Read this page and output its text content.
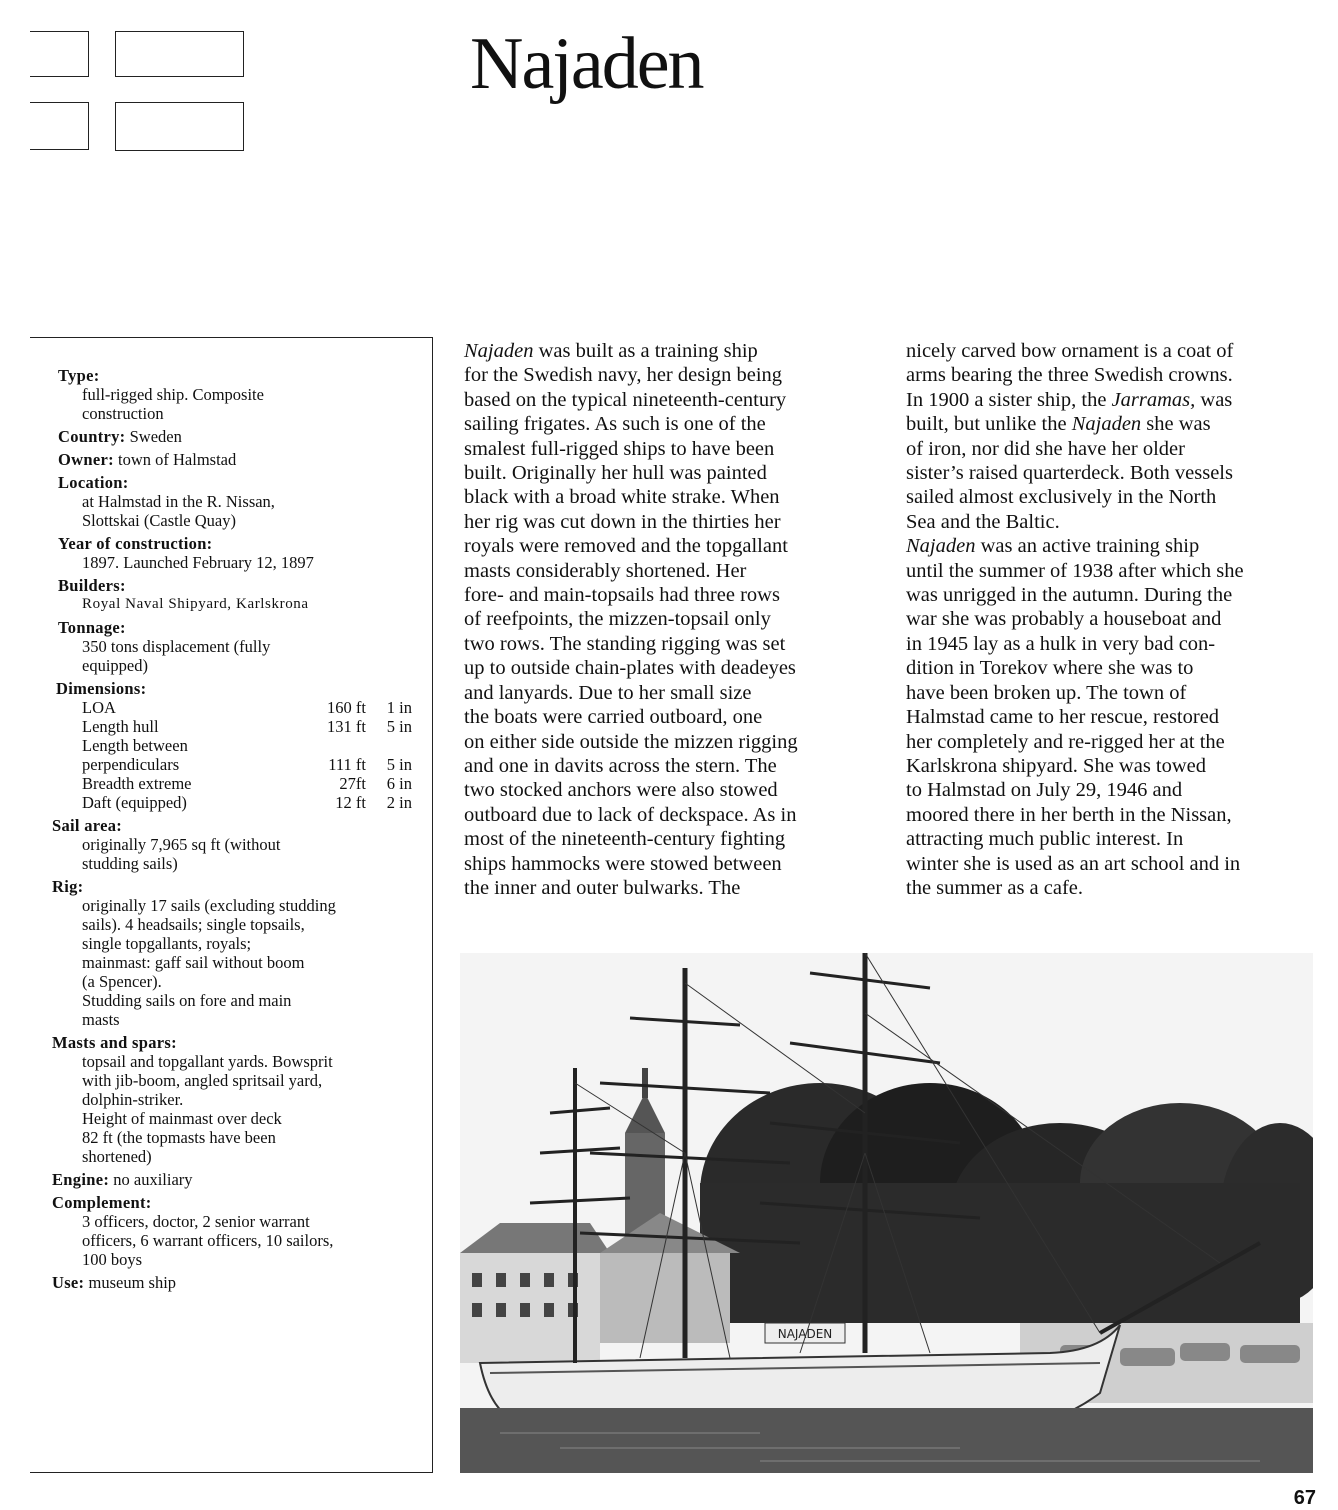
Najaden
Type:
full-rigged ship. Composite
construction
Country: Sweden
Owner: town of Halmstad
Location:
at Halmstad in the R. Nissan,
Slottskai (Castle Quay)
Year of construction:
1897. Launched February 12, 1897
Builders:
Royal Naval Shipyard, Karlskrona
Tonnage:
350 tons displacement (fully
equipped)
Dimensions:
LOA	160 ft	1 in
Length hull	131 ft	5 in
Length between
perpendiculars	111 ft	5 in
Breadth extreme	27ft	6 in
Daft (equipped)	12 ft	2 in
Sail area:
originally 7,965 sq ft (without
studding sails)
Rig:
originally 17 sails (excluding studding
sails). 4 headsails; single topsails,
single topgallants, royals;
mainmast: gaff sail without boom
(a Spencer).
Studding sails on fore and main
masts
Masts and spars:
topsail and topgallant yards. Bowsprit
with jib-boom, angled spritsail yard,
dolphin-striker.
Height of mainmast over deck
82 ft (the topmasts have been
shortened)
Engine: no auxiliary
Complement:
3 officers, doctor, 2 senior warrant
officers, 6 warrant officers, 10 sailors,
100 boys
Use: museum ship
Najaden was built as a training ship
for the Swedish navy, her design being
based on the typical nineteenth-century
sailing frigates. As such is one of the
smalest full-rigged ships to have been
built. Originally her hull was painted
black with a broad white strake. When
her rig was cut down in the thirties her
royals were removed and the topgallant
masts considerably shortened. Her
fore- and main-topsails had three rows
of reefpoints, the mizzen-topsail only
two rows. The standing rigging was set
up to outside chain-plates with deadeyes
and lanyards. Due to her small size
the boats were carried outboard, one
on either side outside the mizzen rigging
and one in davits across the stern. The
two stocked anchors were also stowed
outboard due to lack of deckspace. As in
most of the nineteenth-century fighting
ships hammocks were stowed between
the inner and outer bulwarks. The
nicely carved bow ornament is a coat of
arms bearing the three Swedish crowns.
In 1900 a sister ship, the Jarramas, was
built, but unlike the Najaden she was
of iron, nor did she have her older
sister’s raised quarterdeck. Both vessels
sailed almost exclusively in the North
Sea and the Baltic.
Najaden was an active training ship
until the summer of 1938 after which she
was unrigged in the autumn. During the
war she was probably a houseboat and
in 1945 lay as a hulk in very bad con-
dition in Torekov where she was to
have been broken up. The town of
Halmstad came to her rescue, restored
her completely and re-rigged her at the
Karlskrona shipyard. She was towed
to Halmstad on July 29, 1946 and
moored there in her berth in the Nissan,
attracting much public interest. In
winter she is used as an art school and in
the summer as a cafe.
NAJADEN
67
